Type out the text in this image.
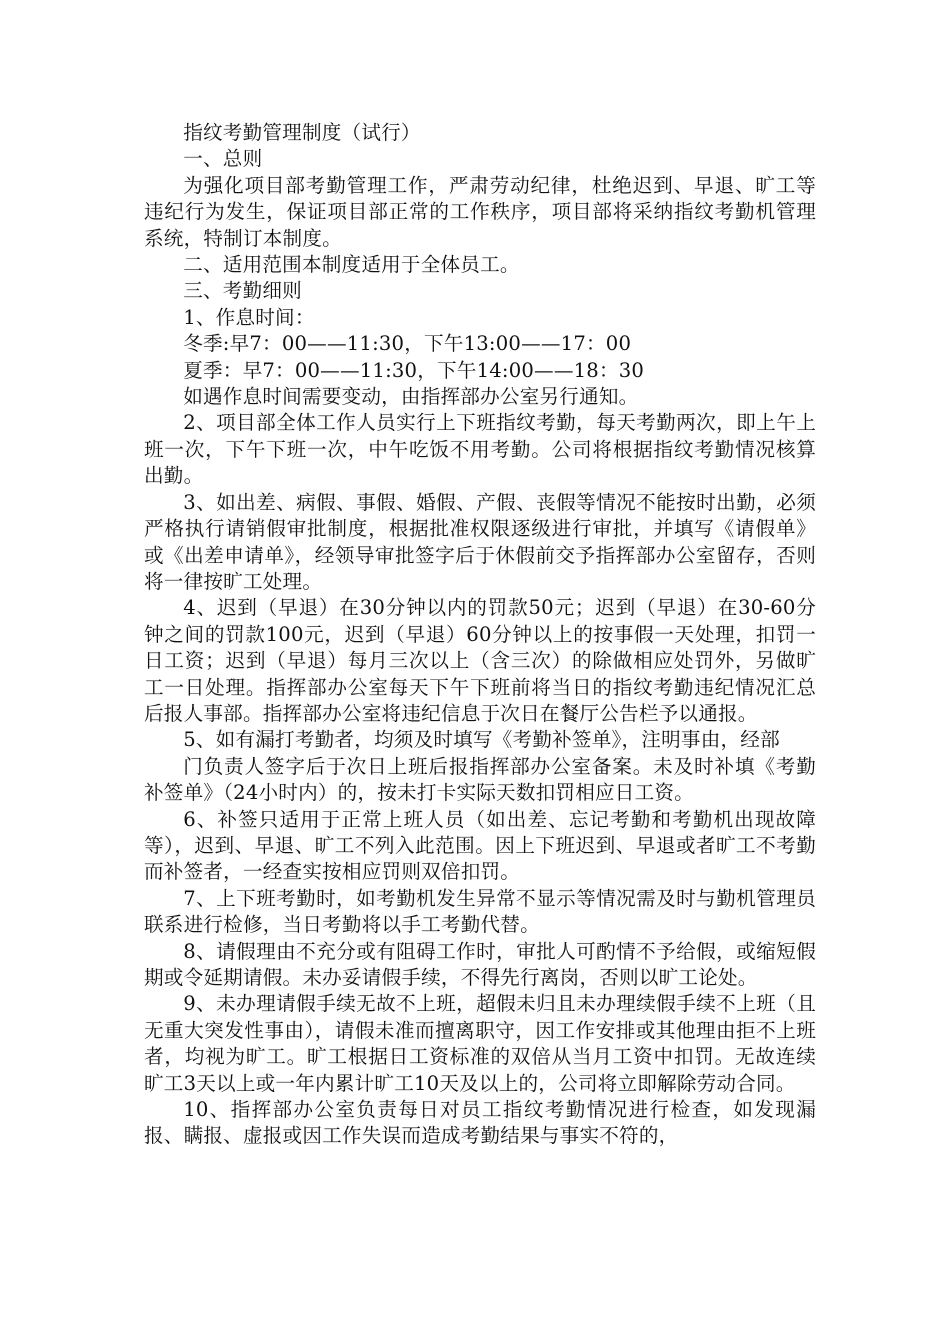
指纹考勤管理制度（试行）

一、总则

为强化项目部考勤管理工作，严肃劳动纪律，杜绝迟到、早退、旷工等违纪行为发生，保证项目部正常的工作秩序，项目部将采纳指纹考勤机管理系统，特制订本制度。

二、适用范围本制度适用于全体员工。

三、考勤细则

1、作息时间：

冬季:早7：00——11:30，下午13:00——17：00

夏季：早7：00——11:30，下午14:00——18：30

如遇作息时间需要变动，由指挥部办公室另行通知。

2、项目部全体工作人员实行上下班指纹考勤，每天考勤两次，即上午上班一次，下午下班一次，中午吃饭不用考勤。公司将根据指纹考勤情况核算出勤。

3、如出差、病假、事假、婚假、产假、丧假等情况不能按时出勤，必须严格执行请销假审批制度，根据批准权限逐级进行审批，并填写《请假单》或《出差申请单》，经领导审批签字后于休假前交予指挥部办公室留存，否则将一律按旷工处理。

4、迟到（早退）在30分钟以内的罚款50元；迟到（早退）在30-60分钟之间的罚款100元，迟到（早退）60分钟以上的按事假一天处理，扣罚一日工资；迟到（早退）每月三次以上（含三次）的除做相应处罚外，另做旷工一日处理。指挥部办公室每天下午下班前将当日的指纹考勤违纪情况汇总后报人事部。指挥部办公室将违纪信息于次日在餐厅公告栏予以通报。

5、如有漏打考勤者，均须及时填写《考勤补签单》，注明事由，经部

门负责人签字后于次日上班后报指挥部办公室备案。未及时补填《考勤补签单》（24小时内）的，按未打卡实际天数扣罚相应日工资。

6、补签只适用于正常上班人员（如出差、忘记考勤和考勤机出现故障等），迟到、早退、旷工不列入此范围。因上下班迟到、早退或者旷工不考勤而补签者，一经查实按相应罚则双倍扣罚。

7、上下班考勤时，如考勤机发生异常不显示等情况需及时与勤机管理员联系进行检修，当日考勤将以手工考勤代替。

8、请假理由不充分或有阻碍工作时，审批人可酌情不予给假，或缩短假期或令延期请假。未办妥请假手续，不得先行离岗，否则以旷工论处。

9、未办理请假手续无故不上班，超假未归且未办理续假手续不上班（且无重大突发性事由），请假未准而擅离职守，因工作安排或其他理由拒不上班者，均视为旷工。旷工根据日工资标准的双倍从当月工资中扣罚。无故连续旷工3天以上或一年内累计旷工10天及以上的，公司将立即解除劳动合同。

10、指挥部办公室负责每日对员工指纹考勤情况进行检查，如发现漏报、瞒报、虚报或因工作失误而造成考勤结果与事实不符的，
